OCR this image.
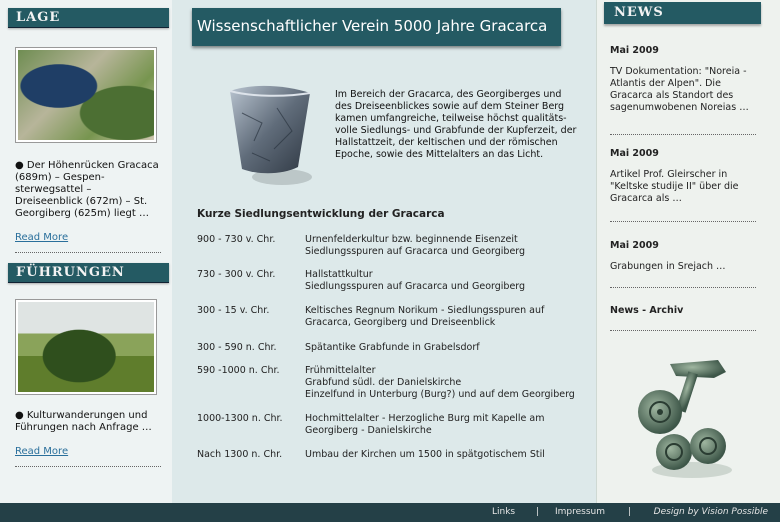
LAGE
● Der Höhenrücken Gracaca (689m) – Gespensterwegsattel – Dreiseenblick (672m) – St. Georgiberg (625m) liegt …
Read More
FÜHRUNGEN
● Kulturwanderungen und Führungen nach Anfrage …
Read More
Wissenschaftlicher Verein 5000 Jahre Gracarca
Im Bereich der Gracarca, des Georgiberges und des Dreiseenblickes sowie auf dem Steiner Berg kamen umfangreiche, teilweise höchst qualitätsvolle Siedlungs- und Grabfunde der Kupferzeit, der Hallstattzeit, der keltischen und der römischen Epoche, sowie des Mittelalters an das Licht.
Kurze Siedlungsentwicklung der Gracarca
900 - 730 v. Chr.	Urnenfelderkultur bzw. beginnende Eisenzeit
Siedlungsspuren auf Gracarca und Georgiberg
730 - 300 v. Chr.	Hallstattkultur
Siedlungsspuren auf Gracarca und Georgiberg
300 - 15 v. Chr.	Keltisches Regnum Norikum - Siedlungsspuren auf Gracarca, Georgiberg und Dreiseenblick
300 - 590 n. Chr.	Spätantike Grabfunde in Grabelsdorf
590 -1000 n. Chr.	Frühmittelalter
Grabfund südl. der Danielskirche
Einzelfund in Unterburg (Burg?) und auf dem Georgiberg
1000-1300 n. Chr.	Hochmittelalter - Herzogliche Burg mit Kapelle am Georgiberg - Danielskirche
Nach 1300 n. Chr.	Umbau der Kirchen um 1500 in spätgotischem Stil
NEWS
Mai 2009
TV Dokumentation: "Noreia - Atlantis der Alpen". Die Gracarca als Standort des sagenumwobenen Noreias …
Mai 2009
Artikel Prof. Gleirscher in "Keltske studije II" über die Gracarca als …
Mai 2009
Grabungen in Srejach …
News - Archiv
Links | Impressum	|	Design by Vision Possible
